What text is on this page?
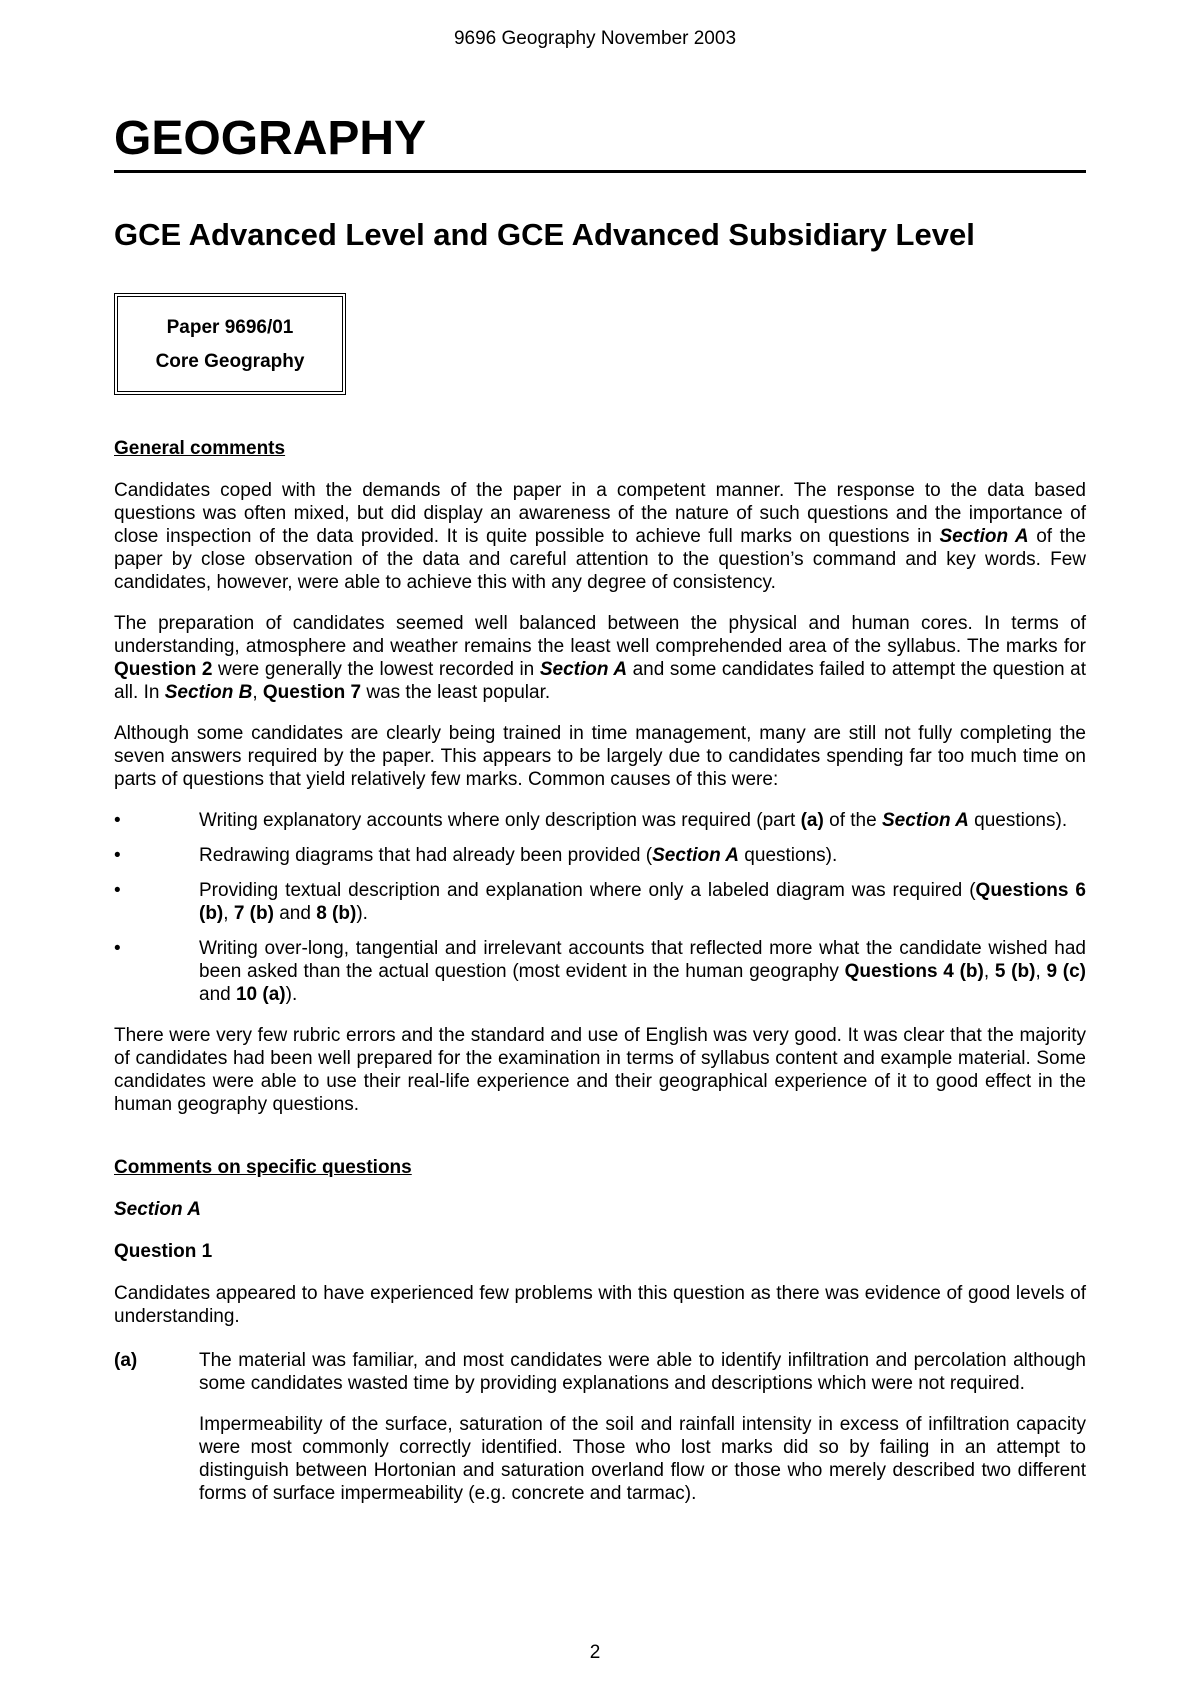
9696 Geography November 2003
GEOGRAPHY
GCE Advanced Level and GCE Advanced Subsidiary Level
Paper 9696/01
Core Geography
General comments

Candidates coped with the demands of the paper in a competent manner. The response to the data based questions was often mixed, but did display an awareness of the nature of such questions and the importance of close inspection of the data provided. It is quite possible to achieve full marks on questions in Section A of the paper by close observation of the data and careful attention to the question’s command and key words. Few candidates, however, were able to achieve this with any degree of consistency.

The preparation of candidates seemed well balanced between the physical and human cores. In terms of understanding, atmosphere and weather remains the least well comprehended area of the syllabus. The marks for Question 2 were generally the lowest recorded in Section A and some candidates failed to attempt the question at all. In Section B, Question 7 was the least popular.

Although some candidates are clearly being trained in time management, many are still not fully completing the seven answers required by the paper. This appears to be largely due to candidates spending far too much time on parts of questions that yield relatively few marks. Common causes of this were:

•	Writing explanatory accounts where only description was required (part (a) of the Section A questions).
•	Redrawing diagrams that had already been provided (Section A questions).
•	Providing textual description and explanation where only a labeled diagram was required (Questions 6 (b), 7 (b) and 8 (b)).
•	Writing over-long, tangential and irrelevant accounts that reflected more what the candidate wished had been asked than the actual question (most evident in the human geography Questions 4 (b), 5 (b), 9 (c) and 10 (a)).

There were very few rubric errors and the standard and use of English was very good. It was clear that the majority of candidates had been well prepared for the examination in terms of syllabus content and example material. Some candidates were able to use their real-life experience and their geographical experience of it to good effect in the human geography questions.

Comments on specific questions
Section A
Question 1

Candidates appeared to have experienced few problems with this question as there was evidence of good levels of understanding.

(a)	The material was familiar, and most candidates were able to identify infiltration and percolation although some candidates wasted time by providing explanations and descriptions which were not required.

Impermeability of the surface, saturation of the soil and rainfall intensity in excess of infiltration capacity were most commonly correctly identified. Those who lost marks did so by failing in an attempt to distinguish between Hortonian and saturation overland flow or those who merely described two different forms of surface impermeability (e.g. concrete and tarmac).

2
